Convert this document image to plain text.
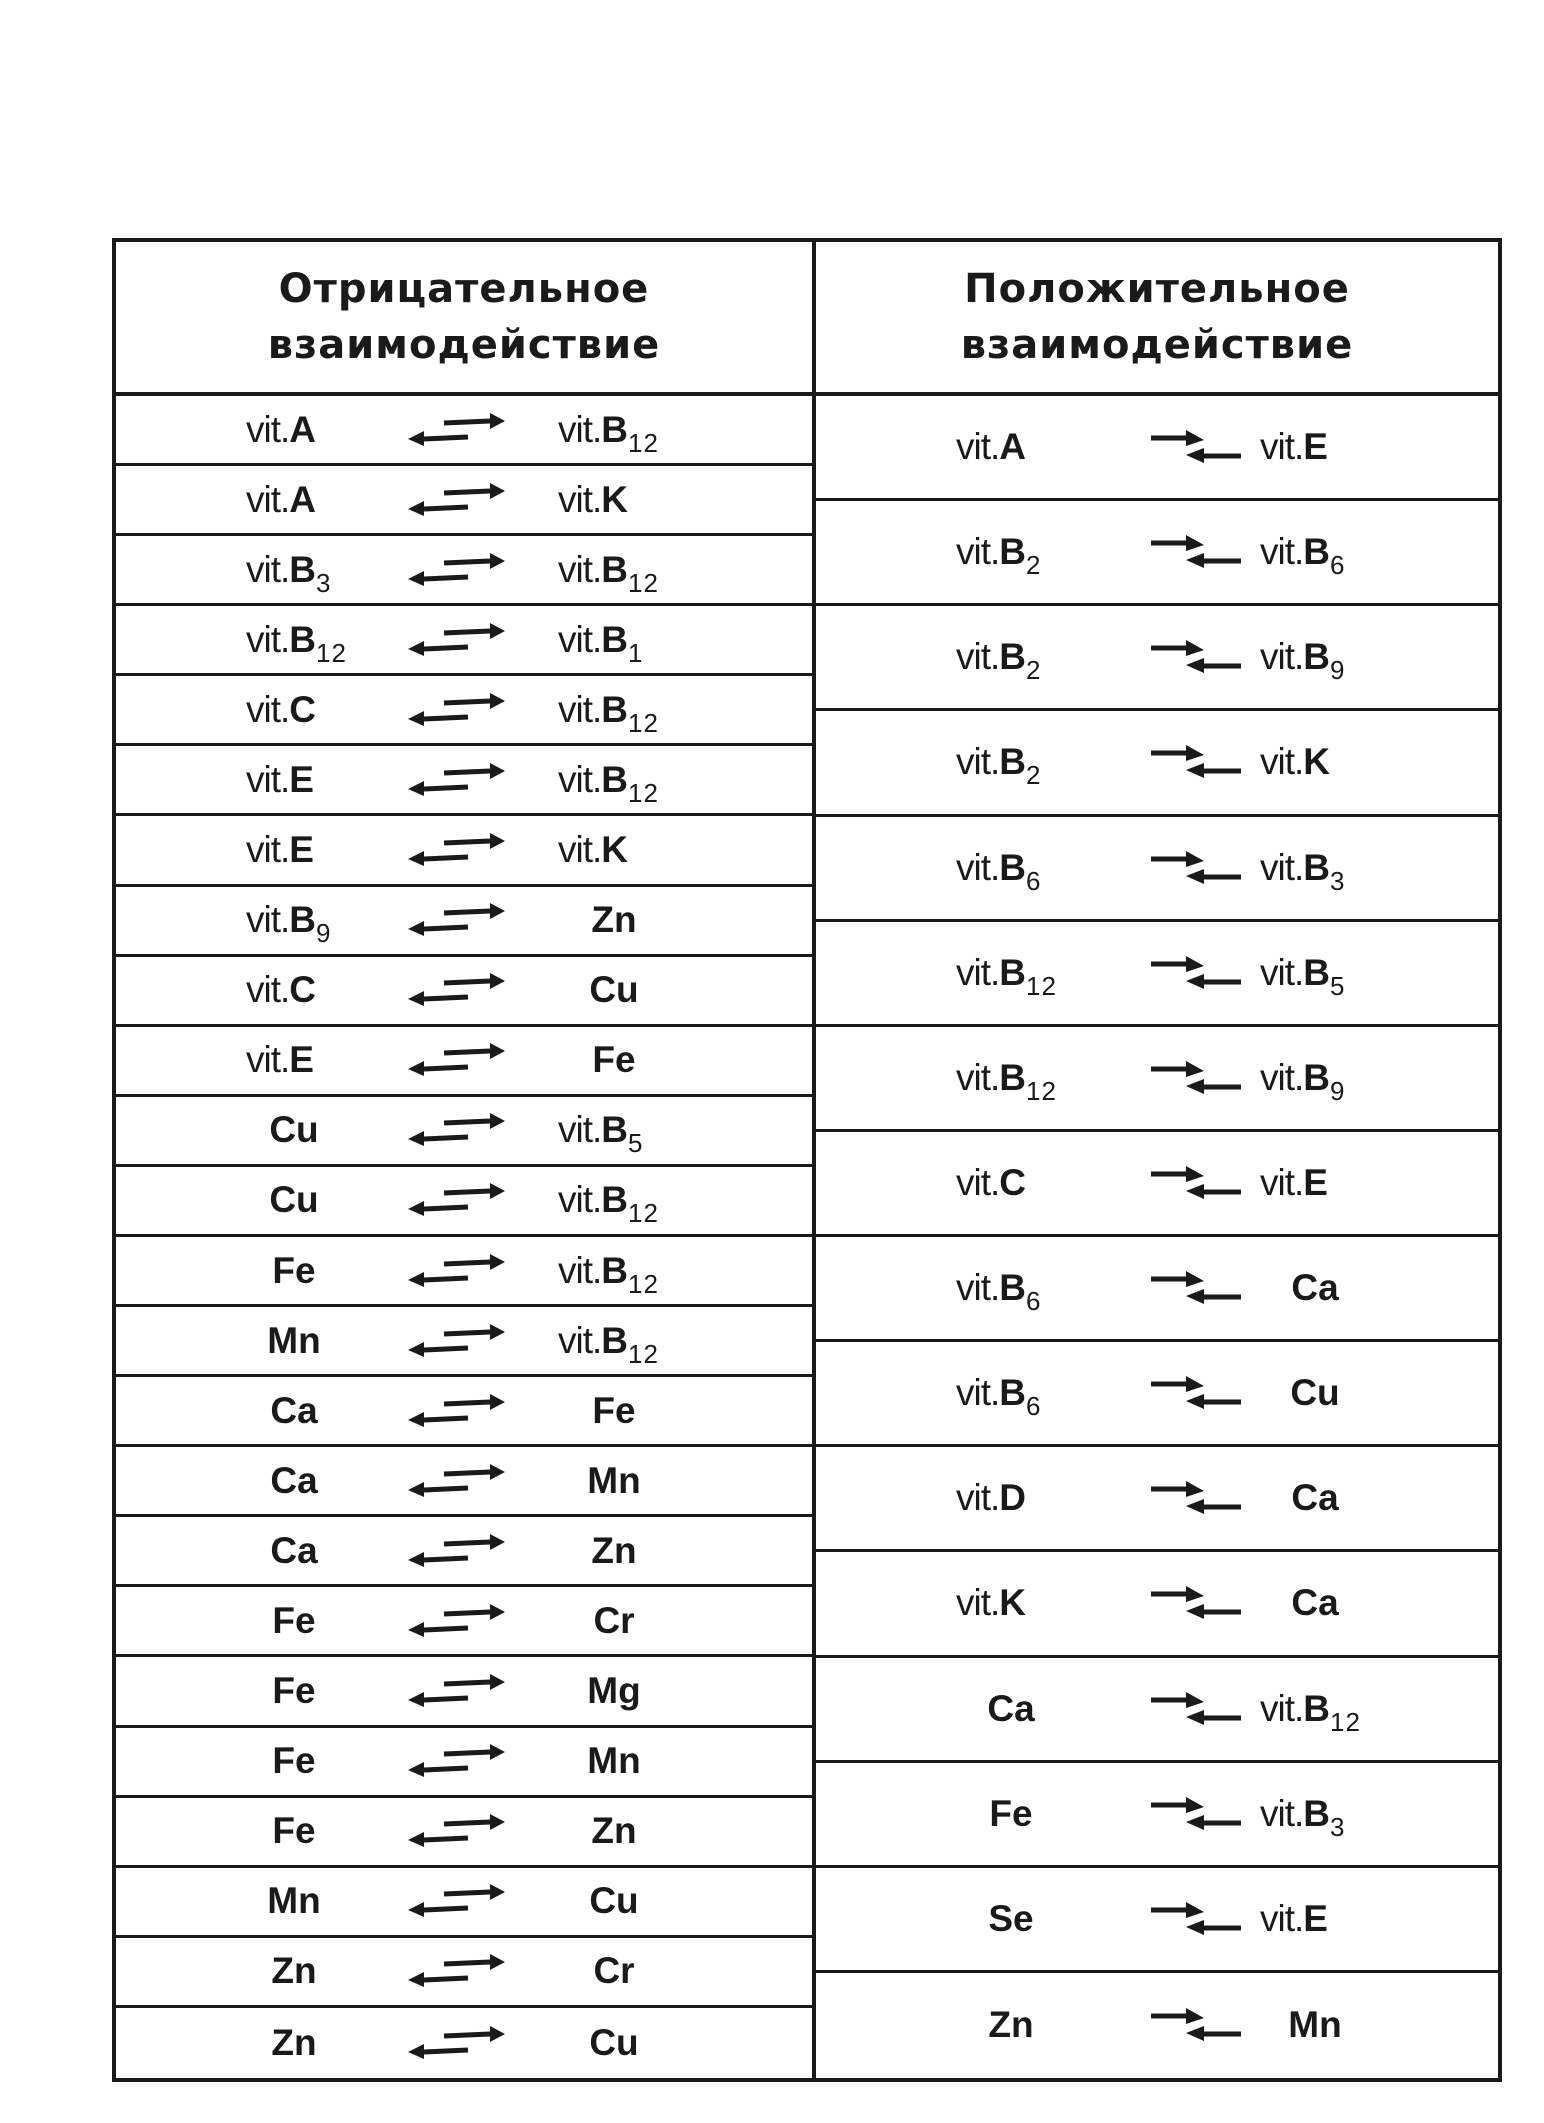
Отрицательное
взаимодействие
vit.A	$vit.B_{12}$
vit.A	vit.K
$vit.B_3$	$vit.B_{12}$
$vit.B_{12}$	$vit.B_1$
vit.C	$vit.B_{12}$
vit.E	$vit.B_{12}$
vit.E	vit.K
$vit.B_9$	Zn
vit.C	Cu
vit.E	Fe
Cu	$vit.B_5$
Cu	$vit.B_{12}$
Fe	$vit.B_{12}$
Mn	$vit.B_{12}$
Ca	Fe
Ca	Mn
Ca	Zn
Fe	Cr
Fe	Mg
Fe	Mn
Fe	Zn
Mn	Cu
Zn	Cr
Zn	Cu
Положительное
взаимодействие
vit.A	vit.E
$vit.B_2$	$vit.B_6$
$vit.B_2$	$vit.B_9$
$vit.B_2$	vit.K
$vit.B_6$	$vit.B_3$
$vit.B_{12}$	$vit.B_5$
$vit.B_{12}$	$vit.B_9$
vit.C	vit.E
$vit.B_6$	Ca
$vit.B_6$	Cu
vit.D	Ca
vit.K	Ca
Ca	$vit.B_{12}$
Fe	$vit.B_3$
Se	vit.E
Zn	Mn
